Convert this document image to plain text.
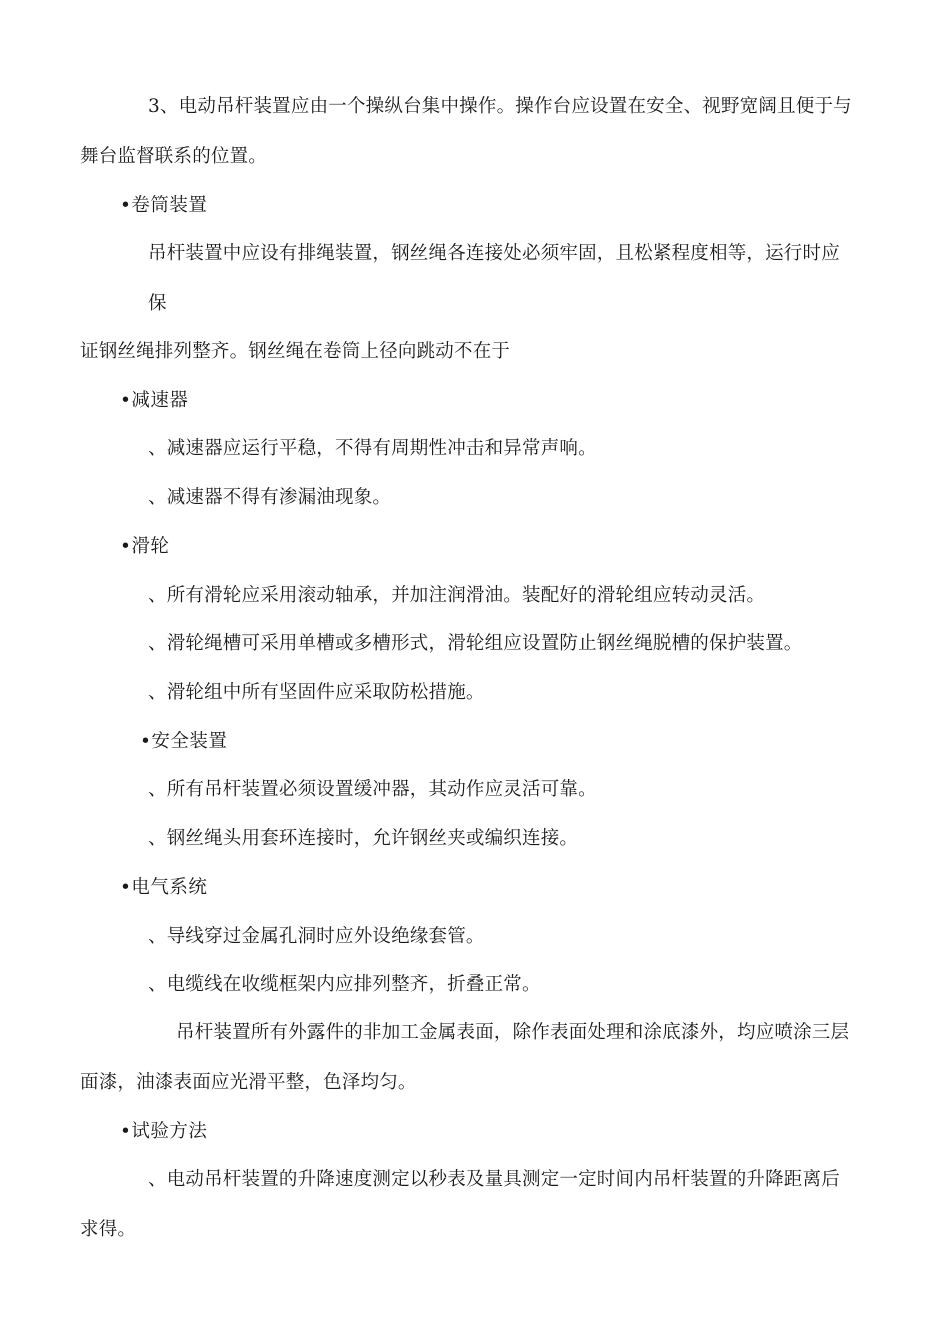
3、电动吊杆装置应由一个操纵台集中操作。操作台应设置在安全、视野宽阔且便于与
舞台监督联系的位置。
•卷筒装置
吊杆装置中应设有排绳装置，钢丝绳各连接处必须牢固，且松紧程度相等，运行时应
保
证钢丝绳排列整齐。钢丝绳在卷筒上径向跳动不在于
•减速器
、减速器应运行平稳，不得有周期性冲击和异常声响。
、减速器不得有渗漏油现象。
•滑轮
、所有滑轮应采用滚动轴承，并加注润滑油。装配好的滑轮组应转动灵活。
、滑轮绳槽可采用单槽或多槽形式，滑轮组应设置防止钢丝绳脱槽的保护装置。
、滑轮组中所有坚固件应采取防松措施。
•安全装置
、所有吊杆装置必须设置缓冲器，其动作应灵活可靠。
、钢丝绳头用套环连接时，允许钢丝夹或编织连接。
•电气系统
、导线穿过金属孔洞时应外设绝缘套管。
、电缆线在收缆框架内应排列整齐，折叠正常。
吊杆装置所有外露件的非加工金属表面，除作表面处理和涂底漆外，均应喷涂三层
面漆，油漆表面应光滑平整，色泽均匀。
•试验方法
、电动吊杆装置的升降速度测定以秒表及量具测定一定时间内吊杆装置的升降距离后
求得。
